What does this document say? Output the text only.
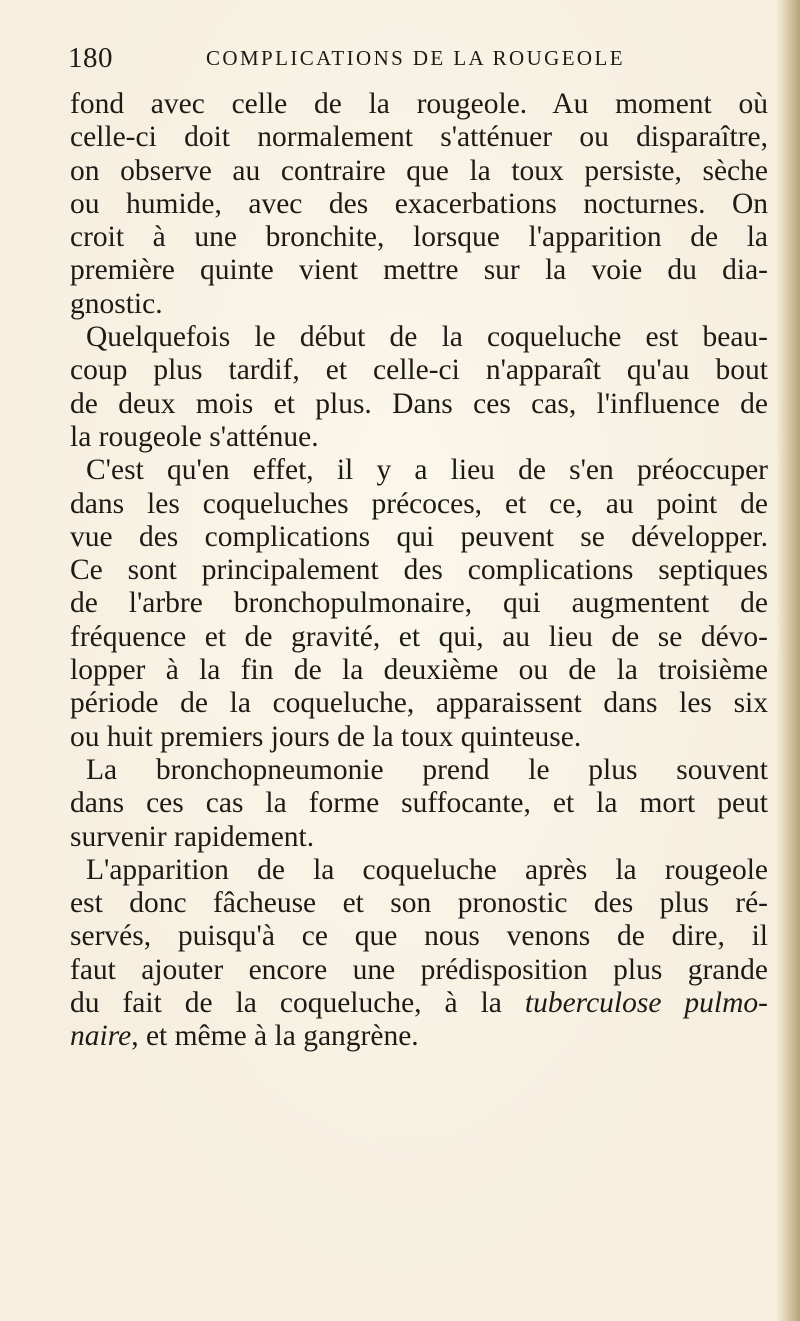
180	COMPLICATIONS DE LA ROUGEOLE
fond avec celle de la rougeole. Au moment où
celle-ci doit normalement s'atténuer ou disparaître,
on observe au contraire que la toux persiste, sèche
ou humide, avec des exacerbations nocturnes. On
croit à une bronchite, lorsque l'apparition de la
première quinte vient mettre sur la voie du dia-
gnostic.
Quelquefois le début de la coqueluche est beau-
coup plus tardif, et celle-ci n'apparaît qu'au bout
de deux mois et plus. Dans ces cas, l'influence de
la rougeole s'atténue.
C'est qu'en effet, il y a lieu de s'en préoccuper
dans les coqueluches précoces, et ce, au point de
vue des complications qui peuvent se développer.
Ce sont principalement des complications septiques
de l'arbre bronchopulmonaire, qui augmentent de
fréquence et de gravité, et qui, au lieu de se dévo-
lopper à la fin de la deuxième ou de la troisième
période de la coqueluche, apparaissent dans les six
ou huit premiers jours de la toux quinteuse.
La bronchopneumonie prend le plus souvent
dans ces cas la forme suffocante, et la mort peut
survenir rapidement.
L'apparition de la coqueluche après la rougeole
est donc fâcheuse et son pronostic des plus ré-
servés, puisqu'à ce que nous venons de dire, il
faut ajouter encore une prédisposition plus grande
du fait de la coqueluche, à la tuberculose pulmo-
naire, et même à la gangrène.
